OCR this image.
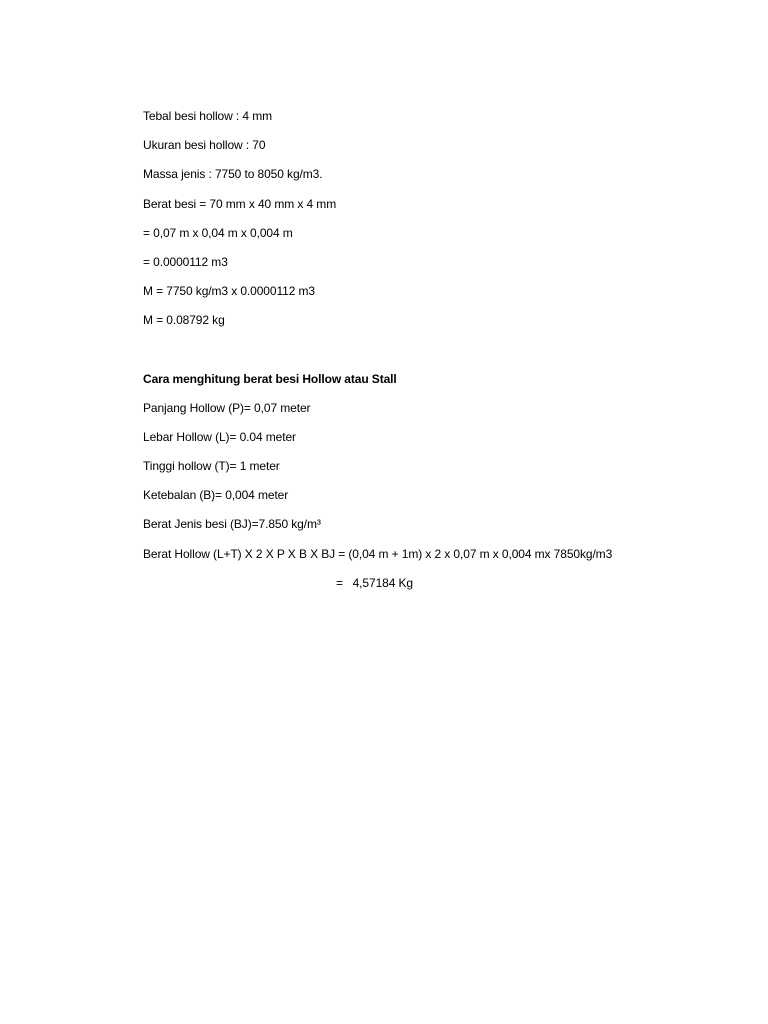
Tebal besi hollow : 4 mm
Ukuran besi hollow : 70
Massa jenis : 7750 to 8050 kg/m3.
Berat besi = 70 mm x 40 mm x 4 mm
= 0,07 m x 0,04 m x 0,004 m
= 0.0000112 m3
M = 7750 kg/m3 x 0.0000112 m3
M = 0.08792 kg
Cara menghitung berat besi Hollow atau Stall
Panjang Hollow (P)= 0,07 meter
Lebar Hollow (L)= 0.04 meter
Tinggi hollow (T)= 1 meter
Ketebalan (B)= 0,004 meter
Berat Jenis besi (BJ)=7.850 kg/m³
Berat Hollow (L+T) X 2 X P X B X BJ = (0,04 m + 1m) x 2 x 0,07 m x 0,004 mx 7850kg/m3
=   4,57184 Kg
